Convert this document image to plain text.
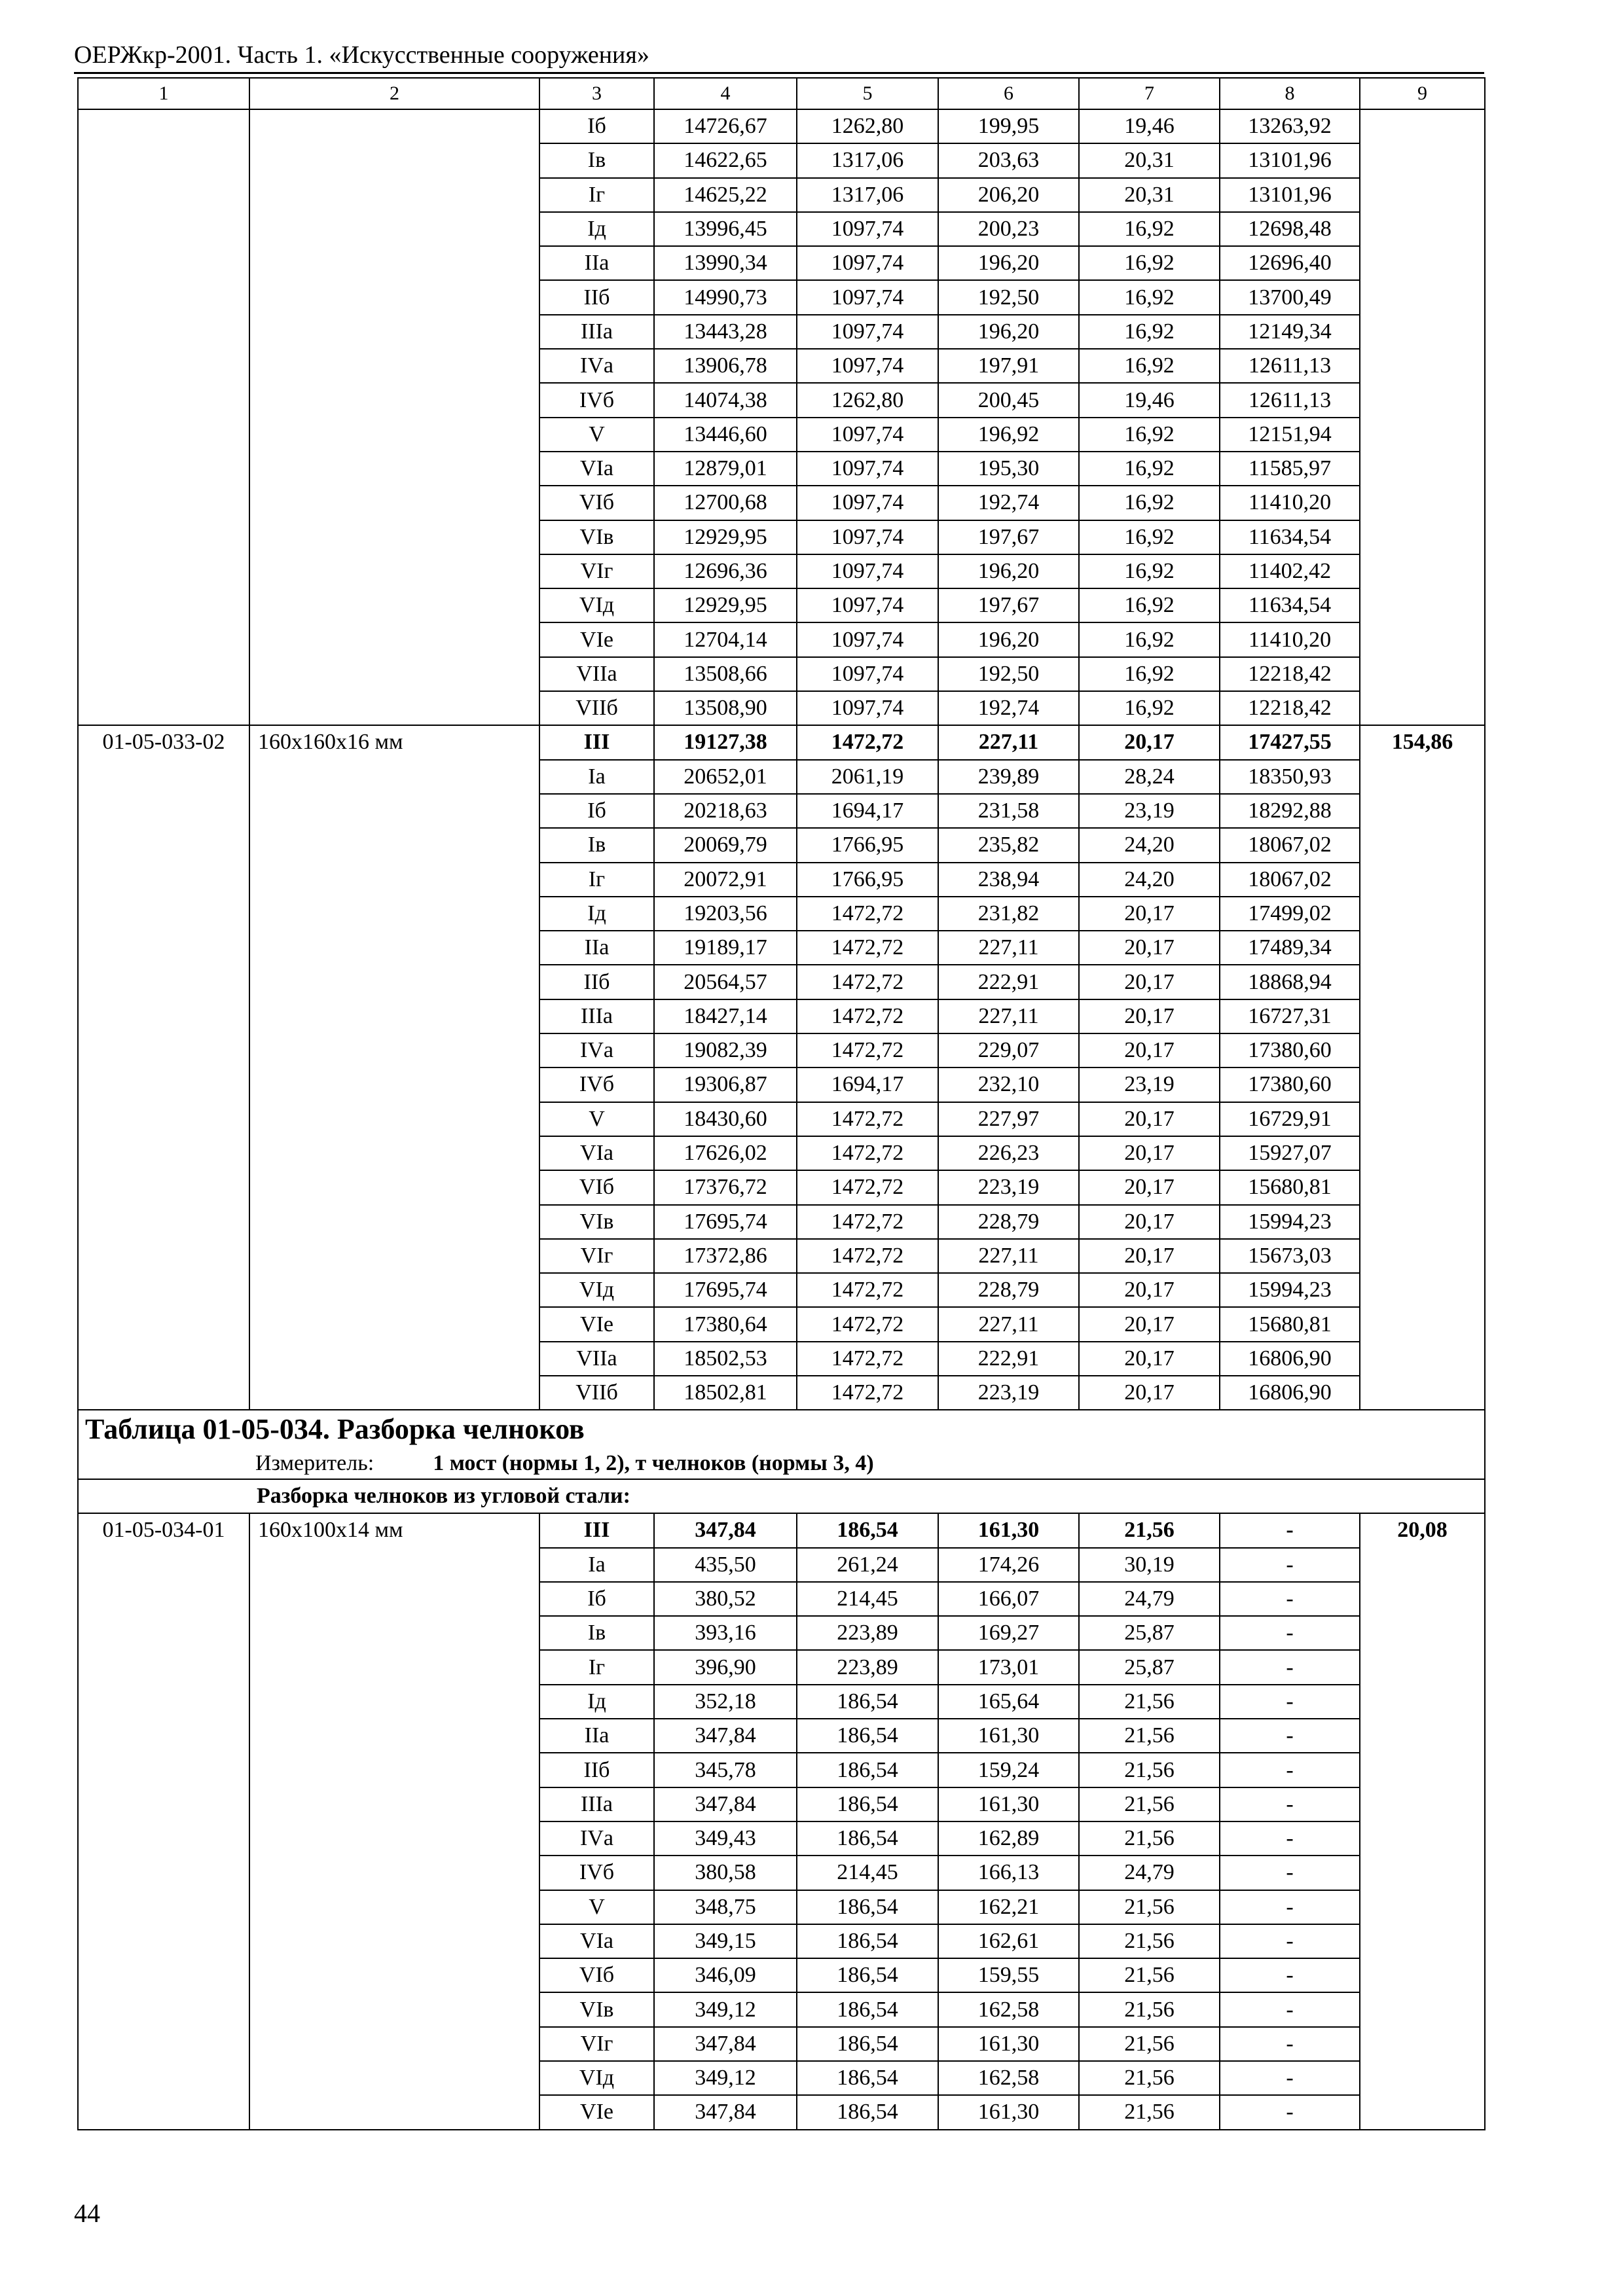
ОЕРЖкр-2001. Часть 1. «Искусственные сооружения»
1	2	3	4	5	6	7	8	9
		Iб	14726,67	1262,80	199,95	19,46	13263,92	
		Iв	14622,65	1317,06	203,63	20,31	13101,96	
		Iг	14625,22	1317,06	206,20	20,31	13101,96	
		Iд	13996,45	1097,74	200,23	16,92	12698,48	
		IIа	13990,34	1097,74	196,20	16,92	12696,40	
		IIб	14990,73	1097,74	192,50	16,92	13700,49	
		IIIа	13443,28	1097,74	196,20	16,92	12149,34	
		IVа	13906,78	1097,74	197,91	16,92	12611,13	
		IVб	14074,38	1262,80	200,45	19,46	12611,13	
		V	13446,60	1097,74	196,92	16,92	12151,94	
		VIа	12879,01	1097,74	195,30	16,92	11585,97	
		VIб	12700,68	1097,74	192,74	16,92	11410,20	
		VIв	12929,95	1097,74	197,67	16,92	11634,54	
		VIг	12696,36	1097,74	196,20	16,92	11402,42	
		VIд	12929,95	1097,74	197,67	16,92	11634,54	
		VIе	12704,14	1097,74	196,20	16,92	11410,20	
		VIIа	13508,66	1097,74	192,50	16,92	12218,42	
		VIIб	13508,90	1097,74	192,74	16,92	12218,42	
01-05-033-02	160х160х16 мм	III	19127,38	1472,72	227,11	20,17	17427,55	154,86
		Iа	20652,01	2061,19	239,89	28,24	18350,93	
		Iб	20218,63	1694,17	231,58	23,19	18292,88	
		Iв	20069,79	1766,95	235,82	24,20	18067,02	
		Iг	20072,91	1766,95	238,94	24,20	18067,02	
		Iд	19203,56	1472,72	231,82	20,17	17499,02	
		IIа	19189,17	1472,72	227,11	20,17	17489,34	
		IIб	20564,57	1472,72	222,91	20,17	18868,94	
		IIIа	18427,14	1472,72	227,11	20,17	16727,31	
		IVа	19082,39	1472,72	229,07	20,17	17380,60	
		IVб	19306,87	1694,17	232,10	23,19	17380,60	
		V	18430,60	1472,72	227,97	20,17	16729,91	
		VIа	17626,02	1472,72	226,23	20,17	15927,07	
		VIб	17376,72	1472,72	223,19	20,17	15680,81	
		VIв	17695,74	1472,72	228,79	20,17	15994,23	
		VIг	17372,86	1472,72	227,11	20,17	15673,03	
		VIд	17695,74	1472,72	228,79	20,17	15994,23	
		VIе	17380,64	1472,72	227,11	20,17	15680,81	
		VIIа	18502,53	1472,72	222,91	20,17	16806,90	
		VIIб	18502,81	1472,72	223,19	20,17	16806,90	
Таблица 01-05-034. Разборка челноков								
Измеритель: 1 мост (нормы 1, 2), т челноков (нормы 3, 4)								
Разборка челноков из угловой стали:								
01-05-034-01	160х100х14 мм	III	347,84	186,54	161,30	21,56	-	20,08
		Iа	435,50	261,24	174,26	30,19	-	
		Iб	380,52	214,45	166,07	24,79	-	
		Iв	393,16	223,89	169,27	25,87	-	
		Iг	396,90	223,89	173,01	25,87	-	
		Iд	352,18	186,54	165,64	21,56	-	
		IIа	347,84	186,54	161,30	21,56	-	
		IIб	345,78	186,54	159,24	21,56	-	
		IIIа	347,84	186,54	161,30	21,56	-	
		IVа	349,43	186,54	162,89	21,56	-	
		IVб	380,58	214,45	166,13	24,79	-	
		V	348,75	186,54	162,21	21,56	-	
		VIа	349,15	186,54	162,61	21,56	-	
		VIб	346,09	186,54	159,55	21,56	-	
		VIв	349,12	186,54	162,58	21,56	-	
		VIг	347,84	186,54	161,30	21,56	-	
		VIд	349,12	186,54	162,58	21,56	-	
		VIе	347,84	186,54	161,30	21,56	-	
44
